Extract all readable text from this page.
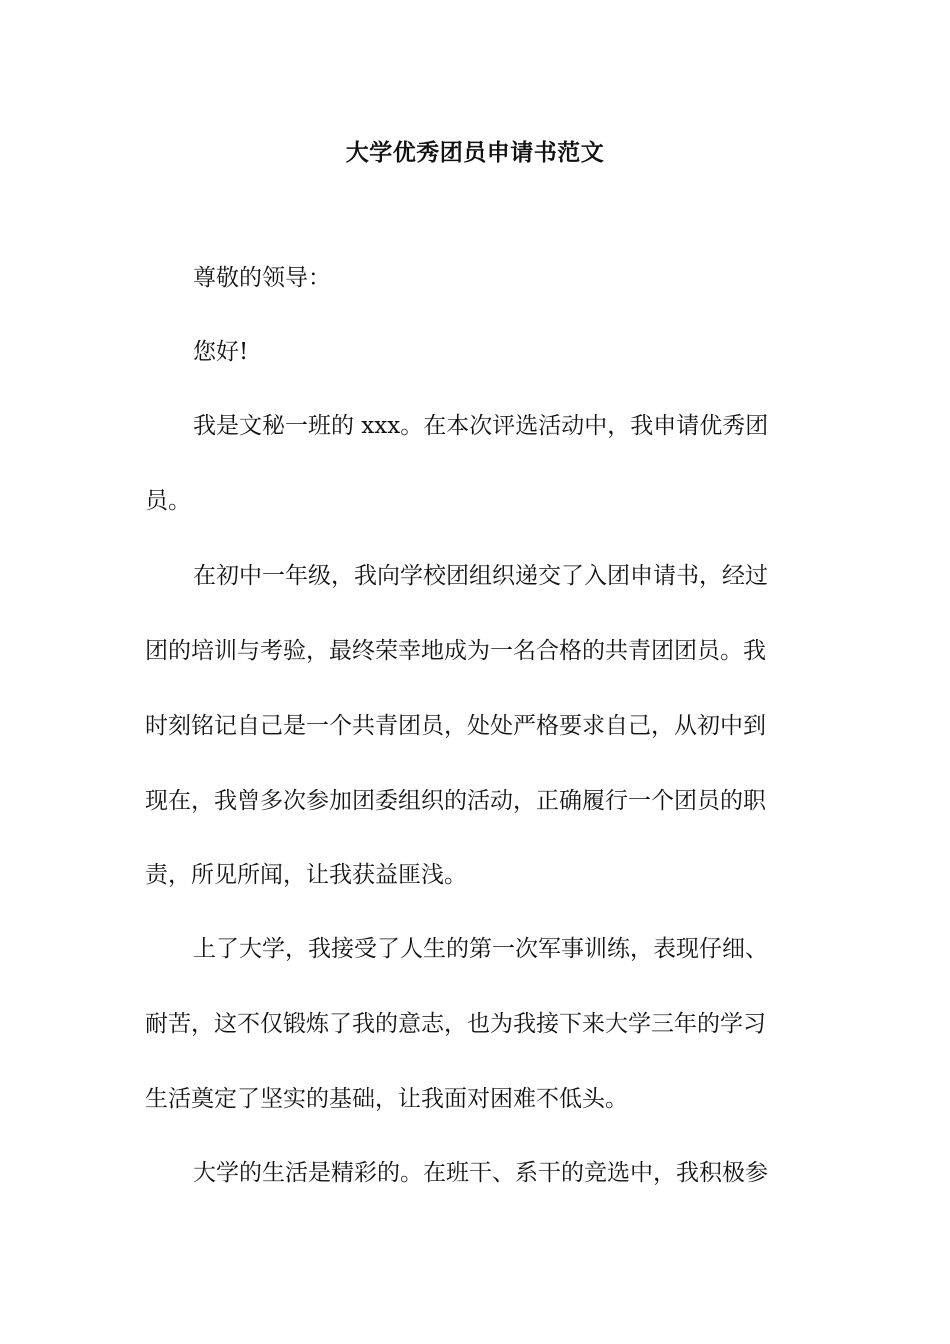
大学优秀团员申请书范文

尊敬的领导：

您好!

我是文秘一班的 xxx。在本次评选活动中，我申请优秀团

员。

在初中一年级，我向学校团组织递交了入团申请书，经过

团的培训与考验，最终荣幸地成为一名合格的共青团团员。我

时刻铭记自己是一个共青团员，处处严格要求自己，从初中到

现在，我曾多次参加团委组织的活动，正确履行一个团员的职

责，所见所闻，让我获益匪浅。

上了大学，我接受了人生的第一次军事训练，表现仔细、

耐苦，这不仅锻炼了我的意志，也为我接下来大学三年的学习

生活奠定了坚实的基础，让我面对困难不低头。

大学的生活是精彩的。在班干、系干的竞选中，我积极参
